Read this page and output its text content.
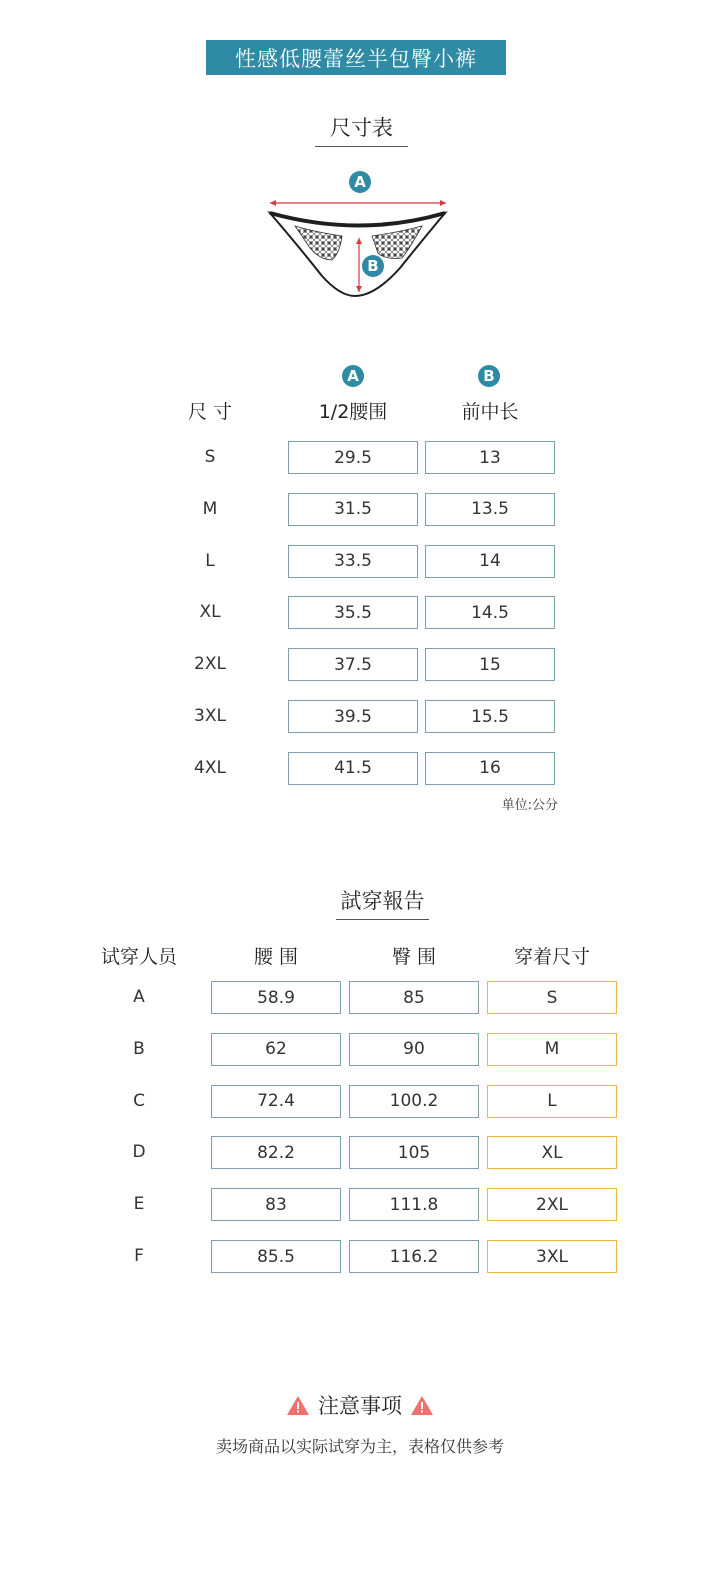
性感低腰蕾丝半包臀小裤
尺寸表
A
B
A	B
尺 寸	1/2腰围	前中长
S	29.5	13
M	31.5	13.5
L	33.5	14
XL	35.5	14.5
2XL	37.5	15
3XL	39.5	15.5
4XL	41.5	16
单位:公分
試穿報告
试穿人员	腰 围	臀 围	穿着尺寸
A	58.9	85	S
B	62	90	M
C	72.4	100.2	L
D	82.2	105	XL
E	83	111.8	2XL
F	85.5	116.2	3XL
注意事项
卖场商品以实际试穿为主，表格仅供参考
